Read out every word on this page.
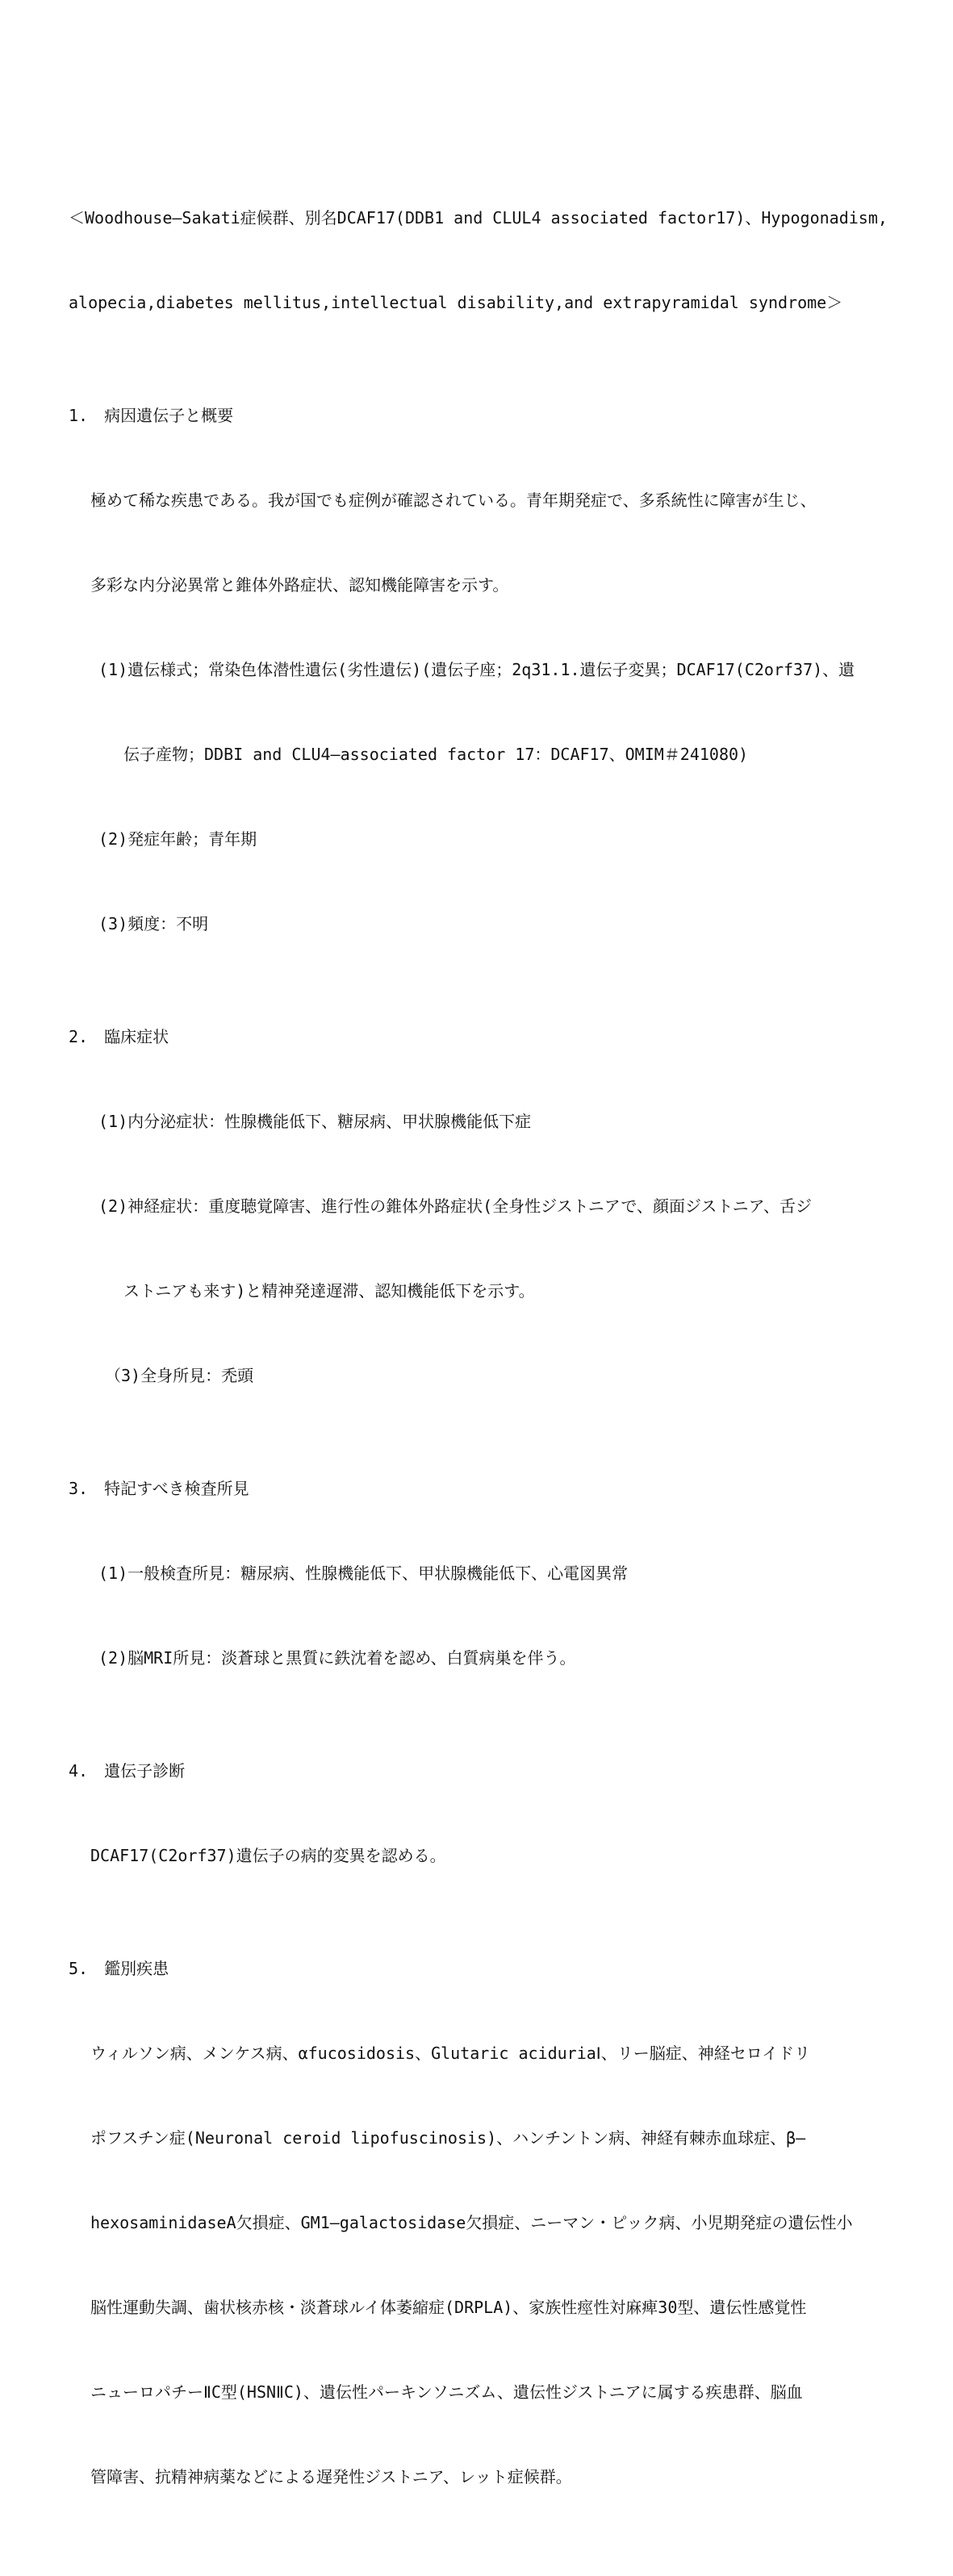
＜Woodhouse—Sakati症候群、別名DCAF17(DDB1 and CLUL4 associated factor17)、Hypogonadism,

alopecia,diabetes mellitus,intellectual disability,and extrapyramidal syndrome＞

1.　病因遺伝子と概要

極めて稀な疾患である。我が国でも症例が確認されている。青年期発症で、多系統性に障害が生じ、

多彩な内分泌異常と錐体外路症状、認知機能障害を示す。

(1)遺伝様式；常染色体潜性遺伝(劣性遺伝)(遺伝子座；2q31.1.遺伝子変異；DCAF17(C2orf37)、遺

伝子産物；DDBI and CLU4—associated factor 17：DCAF17、OMIM＃241080)

(2)発症年齢；青年期

(3)頻度：不明

2.　臨床症状

(1)内分泌症状：性腺機能低下、糖尿病、甲状腺機能低下症

(2)神経症状：重度聴覚障害、進行性の錐体外路症状(全身性ジストニアで、顔面ジストニア、舌ジ

ストニアも来す)と精神発達遅滞、認知機能低下を示す。

（3)全身所見：禿頭

3.　特記すべき検査所見

(1)一般検査所見：糖尿病、性腺機能低下、甲状腺機能低下、心電図異常

(2)脳MRI所見：淡蒼球と黒質に鉄沈着を認め、白質病巣を伴う。

4.　遺伝子診断

DCAF17(C2orf37)遺伝子の病的変異を認める。

5.　鑑別疾患

ウィルソン病、メンケス病、αfucosidosis、Glutaric aciduriaⅠ、リー脳症、神経セロイドリ

ポフスチン症(Neuronal ceroid lipofuscinosis)、ハンチントン病、神経有棘赤血球症、β—

hexosaminidaseA欠損症、GM1—galactosidase欠損症、ニーマン・ピック病、小児期発症の遺伝性小

脳性運動失調、歯状核赤核・淡蒼球ルイ体萎縮症(DRPLA)、家族性痙性対麻痺30型、遺伝性感覚性

ニューロパチーⅡC型(HSNⅡC)、遺伝性パーキンソニズム、遺伝性ジストニアに属する疾患群、脳血

管障害、抗精神病薬などによる遅発性ジストニア、レット症候群。
